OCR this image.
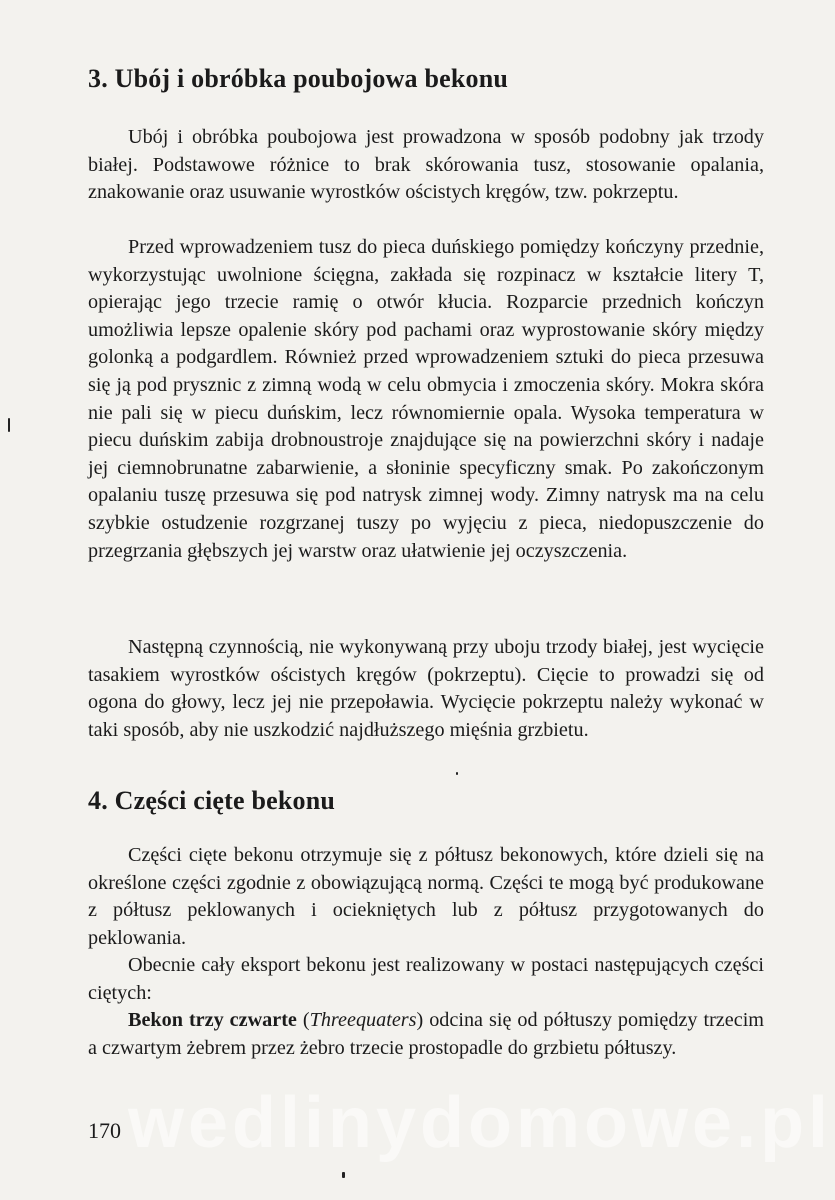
3. Ubój i obróbka poubojowa bekonu

Ubój i obróbka poubojowa jest prowadzona w sposób podobny jak trzody białej. Podstawowe różnice to brak skórowania tusz, stosowanie opalania, znakowanie oraz usuwanie wyrostków ościstych kręgów, tzw. pokrzeptu.

Przed wprowadzeniem tusz do pieca duńskiego pomiędzy kończyny przednie, wykorzystując uwolnione ścięgna, zakłada się rozpinacz w kształcie litery T, opierając jego trzecie ramię o otwór kłucia. Rozparcie przednich kończyn umożliwia lepsze opalenie skóry pod pachami oraz wyprostowanie skóry między golonką a podgardlem. Również przed wprowadzeniem sztuki do pieca przesuwa się ją pod prysznic z zimną wodą w celu obmycia i zmoczenia skóry. Mokra skóra nie pali się w piecu duńskim, lecz równomiernie opala. Wysoka temperatura w piecu duńskim zabija drobnoustroje znajdujące się na powierzchni skóry i nadaje jej ciemnobrunatne zabarwienie, a słoninie specyficzny smak. Po zakończonym opalaniu tuszę przesuwa się pod natrysk zimnej wody. Zimny natrysk ma na celu szybkie ostudzenie rozgrzanej tuszy po wyjęciu z pieca, niedopuszczenie do przegrzania głębszych jej warstw oraz ułatwienie jej oczyszczenia.

Następną czynnością, nie wykonywaną przy uboju trzody białej, jest wycięcie tasakiem wyrostków ościstych kręgów (pokrzeptu). Cięcie to prowadzi się od ogona do głowy, lecz jej nie przepoławia. Wycięcie pokrzeptu należy wykonać w taki sposób, aby nie uszkodzić najdłuższego mięśnia grzbietu.

4. Części cięte bekonu

Części cięte bekonu otrzymuje się z półtusz bekonowych, które dzieli się na określone części zgodnie z obowiązującą normą. Części te mogą być produkowane z półtusz peklowanych i ociekniętych lub z półtusz przygotowanych do peklowania.

Obecnie cały eksport bekonu jest realizowany w postaci następujących części ciętych:

Bekon trzy czwarte (Threequaters) odcina się od półtuszy pomiędzy trzecim a czwartym żebrem przez żebro trzecie prostopadle do grzbietu półtuszy.

wedlinydomowe.pl
170
